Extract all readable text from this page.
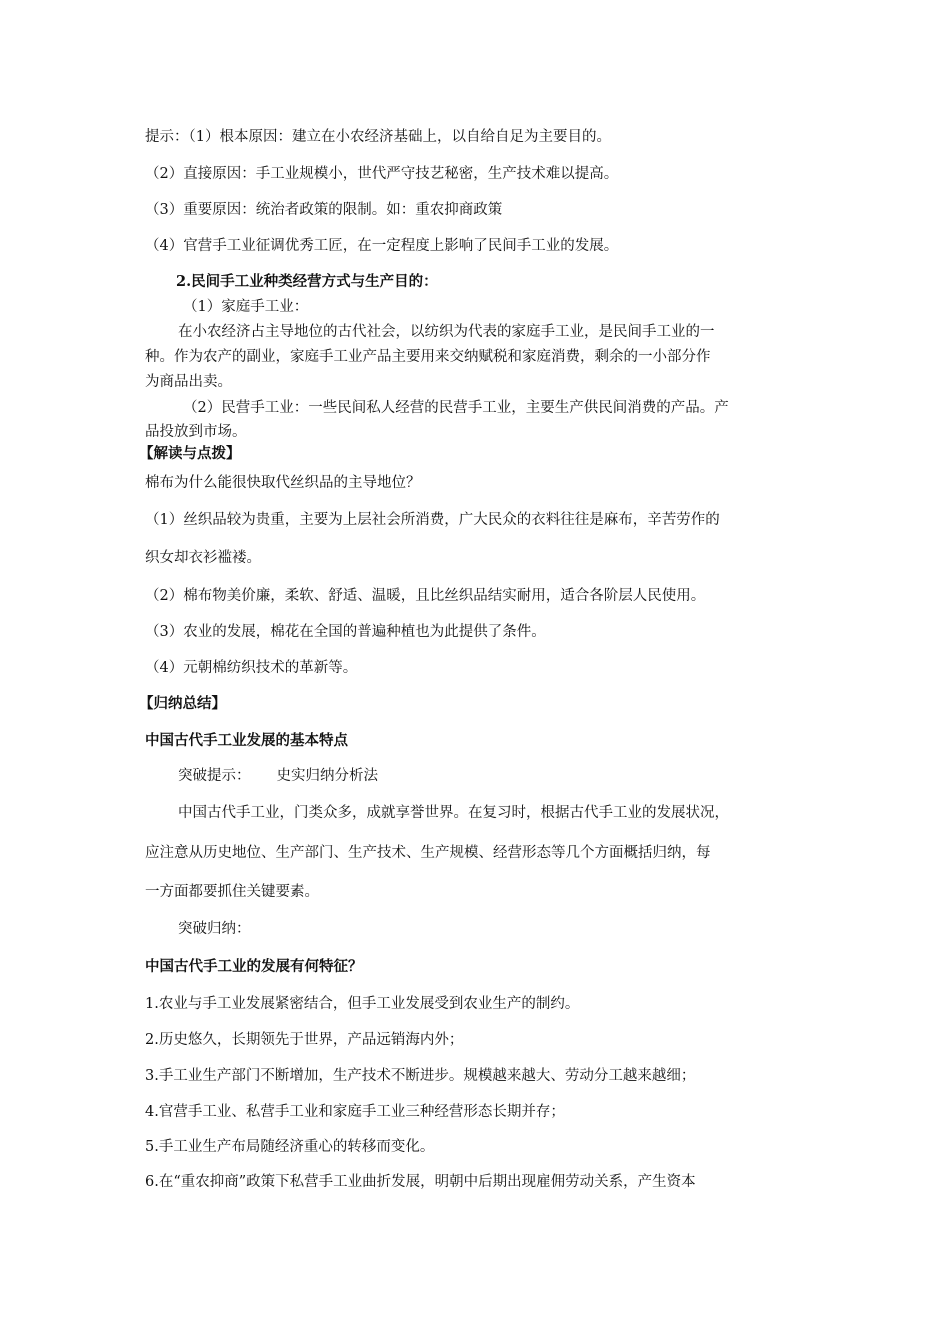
提示：（1）根本原因：建立在小农经济基础上，以自给自足为主要目的。
（2）直接原因：手工业规模小，世代严守技艺秘密，生产技术难以提高。
（3）重要原因：统治者政策的限制。如：重农抑商政策
（4）官营手工业征调优秀工匠，在一定程度上影响了民间手工业的发展。
2.民间手工业种类经营方式与生产目的：
（1）家庭手工业：
在小农经济占主导地位的古代社会，以纺织为代表的家庭手工业，是民间手工业的一
种。作为农产的副业，家庭手工业产品主要用来交纳赋税和家庭消费，剩余的一小部分作
为商品出卖。
（2）民营手工业：一些民间私人经营的民营手工业，主要生产供民间消费的产品。产
品投放到市场。
【解读与点拨】
棉布为什么能很快取代丝织品的主导地位？
（1）丝织品较为贵重，主要为上层社会所消费，广大民众的衣料往往是麻布，辛苦劳作的
织女却衣衫褴褛。
（2）棉布物美价廉，柔软、舒适、温暖，且比丝织品结实耐用，适合各阶层人民使用。
（3）农业的发展，棉花在全国的普遍种植也为此提供了条件。
（4）元朝棉纺织技术的革新等。
【归纳总结】
中国古代手工业发展的基本特点
突破提示： 史实归纳分析法
中国古代手工业，门类众多，成就享誉世界。在复习时，根据古代手工业的发展状况，
应注意从历史地位、生产部门、生产技术、生产规模、经营形态等几个方面概括归纳，每
一方面都要抓住关键要素。
突破归纳：
中国古代手工业的发展有何特征？
1.农业与手工业发展紧密结合，但手工业发展受到农业生产的制约。
2.历史悠久，长期领先于世界，产品远销海内外；
3.手工业生产部门不断增加，生产技术不断进步。规模越来越大、劳动分工越来越细；
4.官营手工业、私营手工业和家庭手工业三种经营形态长期并存；
5.手工业生产布局随经济重心的转移而变化。
6.在“重农抑商”政策下私营手工业曲折发展，明朝中后期出现雇佣劳动关系，产生资本
